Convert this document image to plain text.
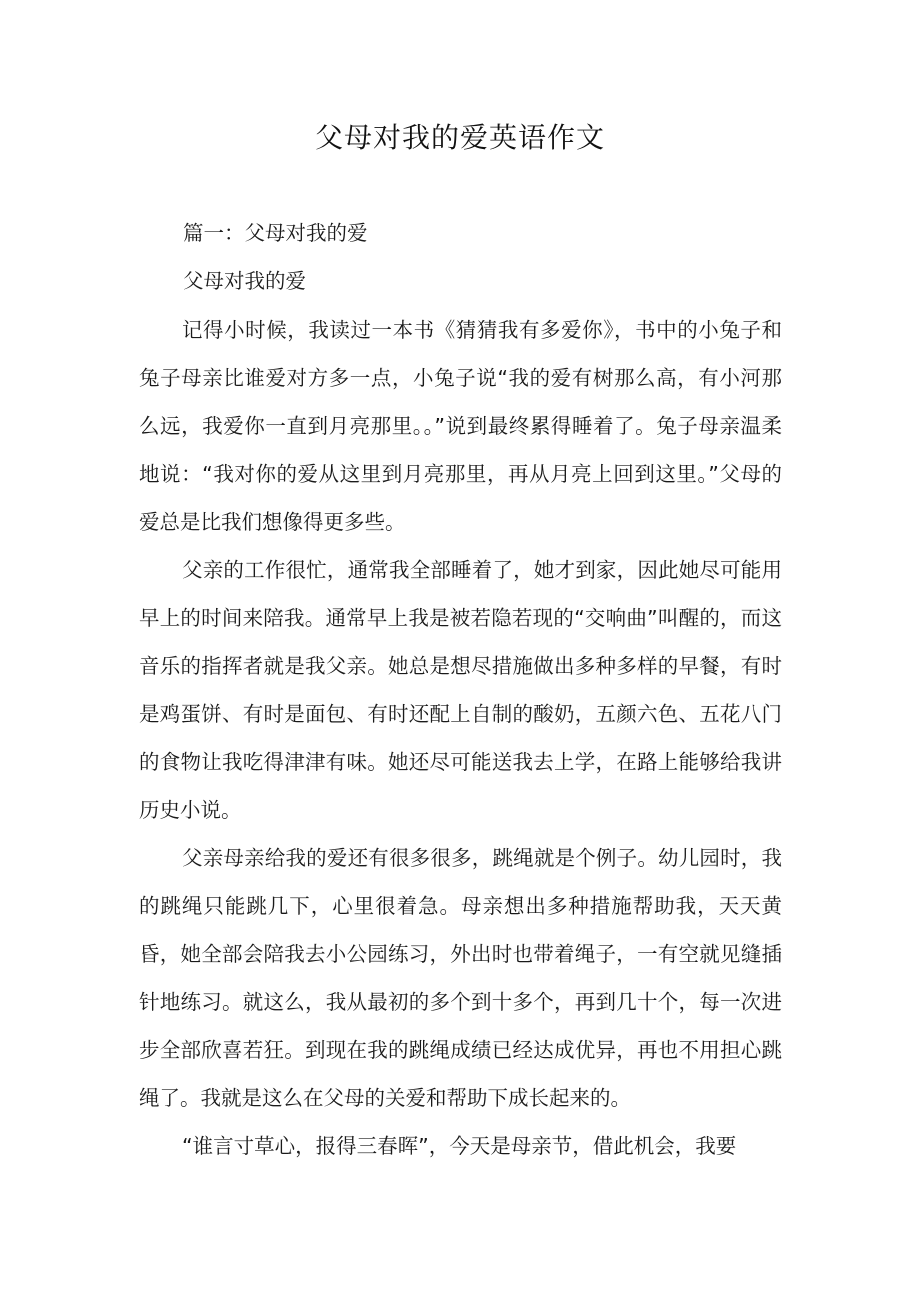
父母对我的爱英语作文
篇一：父母对我的爱
父母对我的爱

记得小时候，我读过一本书《猜猜我有多爱你》，书中的小兔子和兔子母亲比谁爱对方多一点，小兔子说“我的爱有树那么高，有小河那么远，我爱你一直到月亮那里。。”说到最终累得睡着了。兔子母亲温柔地说：“我对你的爱从这里到月亮那里，再从月亮上回到这里。”父母的爱总是比我们想像得更多些。

父亲的工作很忙，通常我全部睡着了，她才到家，因此她尽可能用早上的时间来陪我。通常早上我是被若隐若现的“交响曲”叫醒的，而这音乐的指挥者就是我父亲。她总是想尽措施做出多种多样的早餐，有时是鸡蛋饼、有时是面包、有时还配上自制的酸奶，五颜六色、五花八门的食物让我吃得津津有味。她还尽可能送我去上学，在路上能够给我讲历史小说。

父亲母亲给我的爱还有很多很多，跳绳就是个例子。幼儿园时，我的跳绳只能跳几下，心里很着急。母亲想出多种措施帮助我，天天黄昏，她全部会陪我去小公园练习，外出时也带着绳子，一有空就见缝插针地练习。就这么，我从最初的多个到十多个，再到几十个，每一次进步全部欣喜若狂。到现在我的跳绳成绩已经达成优异，再也不用担心跳绳了。我就是这么在父母的关爱和帮助下成长起来的。

“谁言寸草心，报得三春晖”，今天是母亲节，借此机会，我要
